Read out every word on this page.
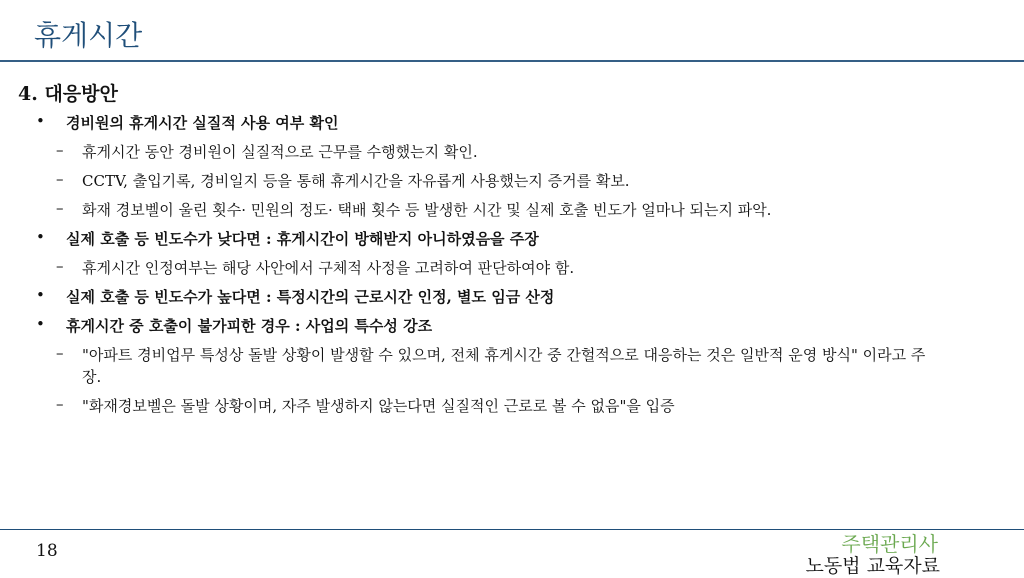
휴게시간
4. 대응방안
• 경비원의 휴게시간 실질적 사용 여부 확인
– 휴게시간 동안 경비원이 실질적으로 근무를 수행했는지 확인.
– CCTV, 출입기록, 경비일지 등을 통해 휴게시간을 자유롭게 사용했는지 증거를 확보.
– 화재 경보벨이 울린 횟수· 민원의 정도· 택배 횟수 등 발생한 시간 및 실제 호출 빈도가 얼마나 되는지 파악.
• 실제 호출 등 빈도수가 낮다면 : 휴게시간이 방해받지 아니하였음을 주장
– 휴게시간 인정여부는 해당 사안에서 구체적 사정을 고려하여 판단하여야 함.
• 실제 호출 등 빈도수가 높다면 : 특정시간의 근로시간 인정, 별도 임금 산정
• 휴게시간 중 호출이 불가피한 경우 : 사업의 특수성 강조
– "아파트 경비업무 특성상 돌발 상황이 발생할 수 있으며, 전체 휴게시간 중 간헐적으로 대응하는 것은 일반적 운영 방식" 이라고 주장.
– "화재경보벨은 돌발 상황이며, 자주 발생하지 않는다면 실질적인 근로로 볼 수 없음"을 입증
18	주택관리사
노동법 교육자료
